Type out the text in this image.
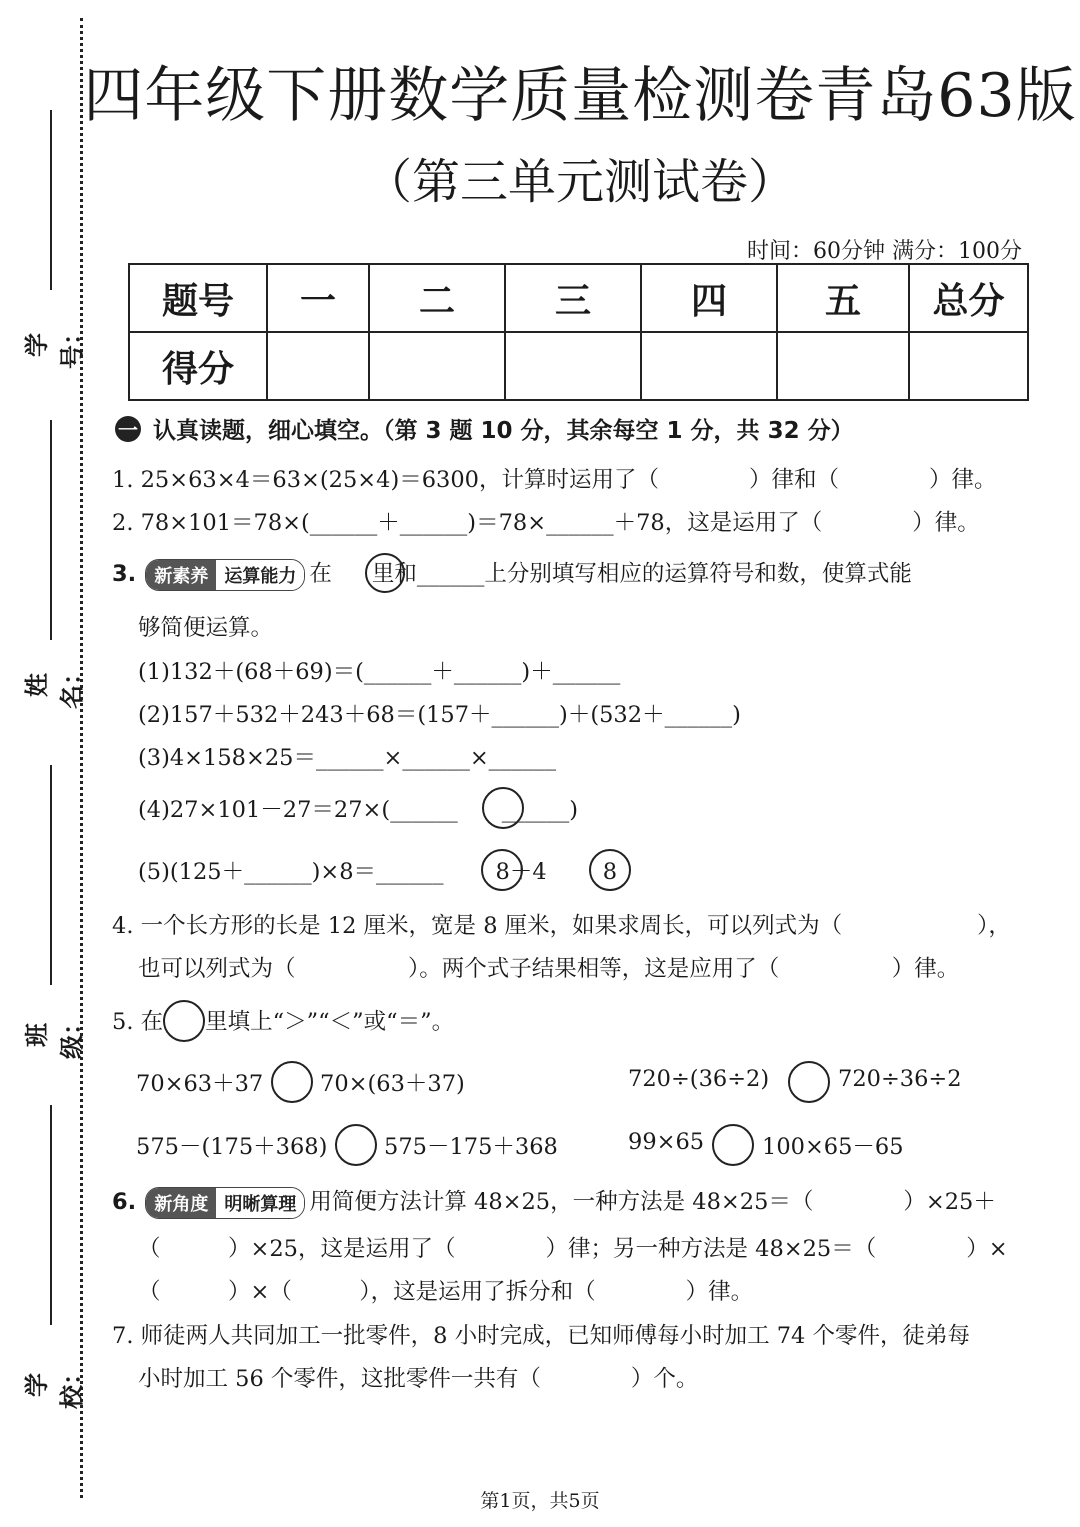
学号：
姓名：
班级：
学校：
四年级下册数学质量检测卷青岛63版
（第三单元测试卷）
时间：60分钟 满分：100分
题号	一	二	三	四	五	总分
得分						
一 认真读题，细心填空。（第 3 题 10 分，其余每空 1 分，共 32 分）
1. 25×63×4＝63×(25×4)＝6300，计算时运用了（　　　　）律和（　　　　）律。
2. 78×101＝78×(______＋______)＝78×______＋78，这是运用了（　　　　）律。
3.	新素养 运算能力 在 里和______上分别填写相应的运算符号和数，使算式能
够简便运算。
(1)132＋(68＋69)＝(______＋______)＋______
(2)157＋532＋243＋68＝(157＋______)＋(532＋______)
(3)4×158×25＝______×______×______
(4)27×101－27＝27×(______ ______)
(5)(125＋______)×8＝______ 8＋4 8
4. 一个长方形的长是 12 厘米，宽是 8 厘米，如果求周长，可以列式为（　　　　　　），
也可以列式为（　　　　　）。两个式子结果相等，这是应用了（　　　　　）律。
5. 在 里填上“＞”“＜”或“＝”。
70×63＋37	70×(63＋37)	720÷(36÷2)	720÷36÷2
575－(175＋368)	575－175＋368	99×65	100×65－65
6.	新角度 明晰算理 用简便方法计算 48×25，一种方法是 48×25＝（　　　　）×25＋
（　　　）×25，这是运用了（　　　　）律；另一种方法是 48×25＝（　　　　）×
（　　　）×（　　　），这是运用了拆分和（　　　　）律。
7. 师徒两人共同加工一批零件，8 小时完成，已知师傅每小时加工 74 个零件，徒弟每
小时加工 56 个零件，这批零件一共有（　　　　）个。
第1页，共5页
